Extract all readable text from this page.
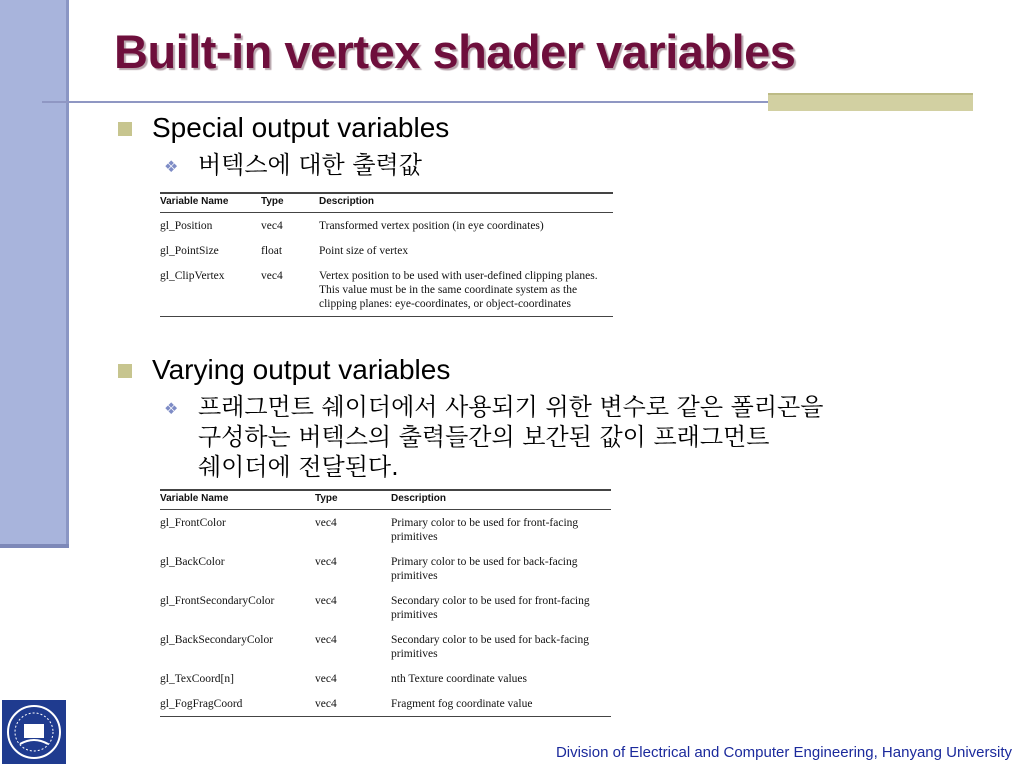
Built-in vertex shader variables
Special output variables
❖ 버텍스에 대한 출력값
Variable Name	Type	Description
gl_Position	vec4	Transformed vertex position (in eye coordinates)
gl_PointSize	float	Point size of vertex
gl_ClipVertex	vec4	Vertex position to be used with user-defined clipping planes. This value must be in the same coordinate system as the clipping planes: eye-coordinates, or object-coordinates
Varying output variables
❖ 프래그먼트 쉐이더에서 사용되기 위한 변수로 같은 폴리곤을
구성하는 버텍스의 출력들간의 보간된 값이 프래그먼트
쉐이더에 전달된다.
Variable Name	Type	Description
gl_FrontColor	vec4	Primary color to be used for front-facing primitives
gl_BackColor	vec4	Primary color to be used for back-facing primitives
gl_FrontSecondaryColor	vec4	Secondary color to be used for front-facing primitives
gl_BackSecondaryColor	vec4	Secondary color to be used for back-facing primitives
gl_TexCoord[n]	vec4	nth Texture coordinate values
gl_FogFragCoord	vec4	Fragment fog coordinate value
Division of Electrical and Computer Engineering, Hanyang University
